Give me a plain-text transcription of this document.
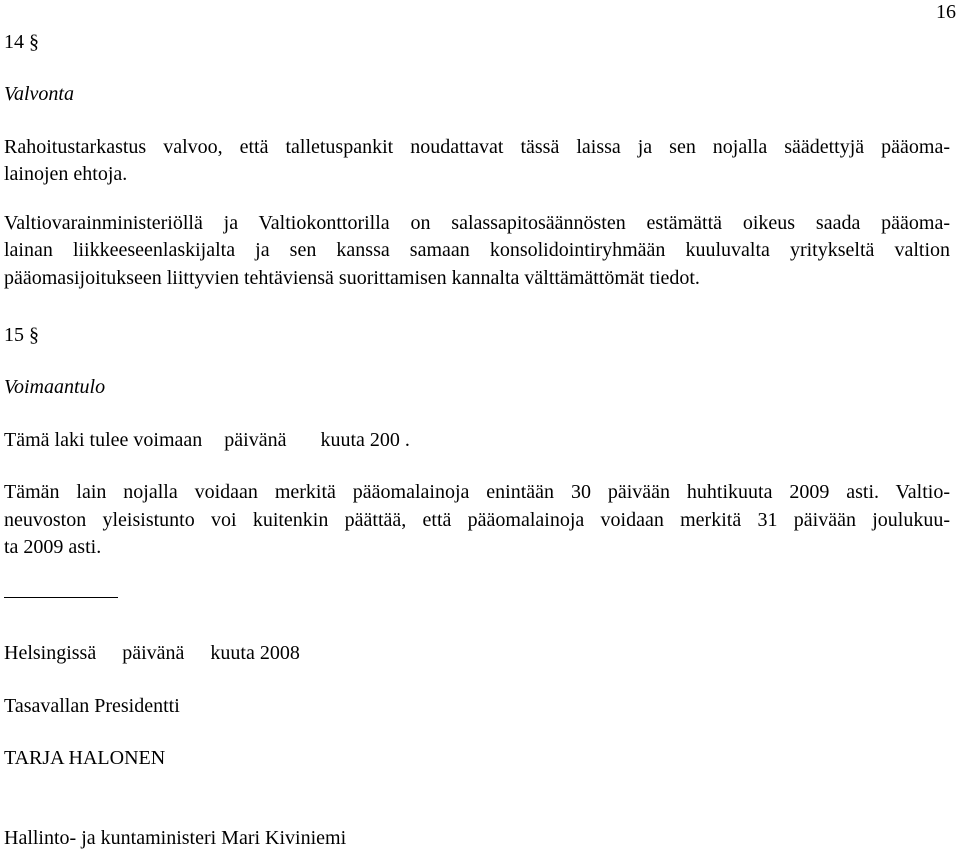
16
14 §
Valvonta
Rahoitustarkastus valvoo, että talletuspankit noudattavat tässä laissa ja sen nojalla säädettyjä pääoma-
lainojen ehtoja.
Valtiovarainministeriöllä ja Valtiokonttorilla on salassapitosäännösten estämättä oikeus saada pääoma-
lainan liikkeeseenlaskijalta ja sen kanssa samaan konsolidointiryhmään kuuluvalta yritykseltä valtion
pääomasijoitukseen liittyvien tehtäviensä suorittamisen kannalta välttämättömät tiedot.
15 §
Voimaantulo
Tämä laki tulee voimaan päivänä kuuta 200 .
Tämän lain nojalla voidaan merkitä pääomalainoja enintään 30 päivään huhtikuuta 2009 asti. Valtio-
neuvoston yleisistunto voi kuitenkin päättää, että pääomalainoja voidaan merkitä 31 päivään joulukuu-
ta 2009 asti.
Helsingissä päivänä kuuta 2008
Tasavallan Presidentti
TARJA HALONEN
Hallinto- ja kuntaministeri Mari Kiviniemi
